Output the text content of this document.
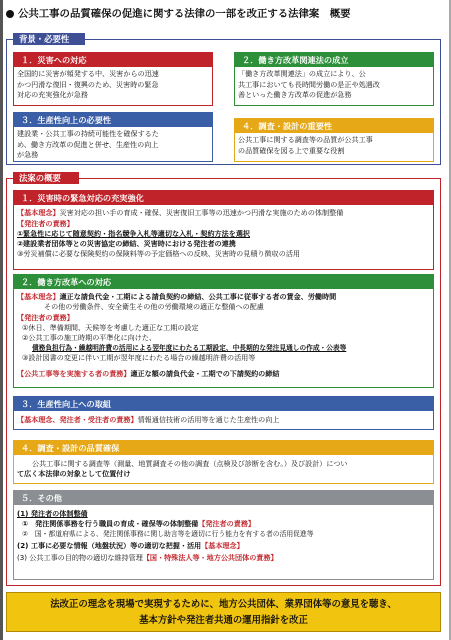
公共工事の品質確保の促進に関する法律の一部を改正する法律案　概要
背景・必要性
１．災害への対応
全国的に災害が頻発する中、災害からの迅速
かつ円滑な復旧・復興のため、災害時の緊急
対応の充実強化が急務
２．働き方改革関連法の成立
「働き方改革関連法」の成立により、公
共工事においても長時間労働の是正や処遇改
善といった働き方改革の促進が急務
３．生産性向上の必要性
建設業・公共工事の持続可能性を確保するた
め、働き方改革の促進と併せ、生産性の向上
が急務
４．調査・設計の重要性
公共工事に関する調査等の品質が公共工事
の品質確保を図る上で重要な役割
法案の概要
１．災害時の緊急対応の充実強化
【基本理念】災害対応の担い手の育成・確保、災害復旧工事等の迅速かつ円滑な実施のための体制整備
【発注者の責務】
①緊急性に応じて随意契約・指名競争入札等適切な入札・契約方法を選択
②建設業者団体等との災害協定の締結、災害時における発注者の連携
③労災補償に必要な保険契約の保険料等の予定価格への反映、災害時の見積り徴収の活用
２．働き方改革への対応
【基本理念】適正な請負代金・工期による請負契約の締結、公共工事に従事する者の賃金、労働時間
その他の労働条件、安全衛生その他の労働環境の適正な整備への配慮
【発注者の責務】
①休日、準備期間、天候等を考慮した適正な工期の設定
②公共工事の施工時期の平準化に向けた、
債務負担行為・繰越明許費の活用による翌年度にわたる工期設定、中長期的な発注見通しの作成・公表等
③設計図書の変更に伴い工期が翌年度にわたる場合の繰越明許費の活用等
【公共工事等を実施する者の責務】適正な額の請負代金・工期での下請契約の締結
３．生産性向上への取組
【基本理念、発注者・受注者の責務】情報通信技術の活用等を通じた生産性の向上
４．調査・設計の品質確保
公共工事に関する調査等（測量、地質調査その他の調査（点検及び診断を含む。）及び設計）につい
て広く本法律の対象として位置付け
５．その他
(1) 発注者の体制整備
①　発注関係事務を行う職員の育成・確保等の体制整備【発注者の責務】
②　国・都道府県による、発注関係事務に関し助言等を適切に行う能力を有する者の活用促進等
(2) 工事に必要な情報（地盤状況）等の適切な把握・活用【基本理念】
(3) 公共工事の目的物の適切な維持管理【国・特殊法人等・地方公共団体の責務】
法改正の理念を現場で実現するために、地方公共団体、業界団体等の意見を聴き、
基本方針や発注者共通の運用指針を改正
